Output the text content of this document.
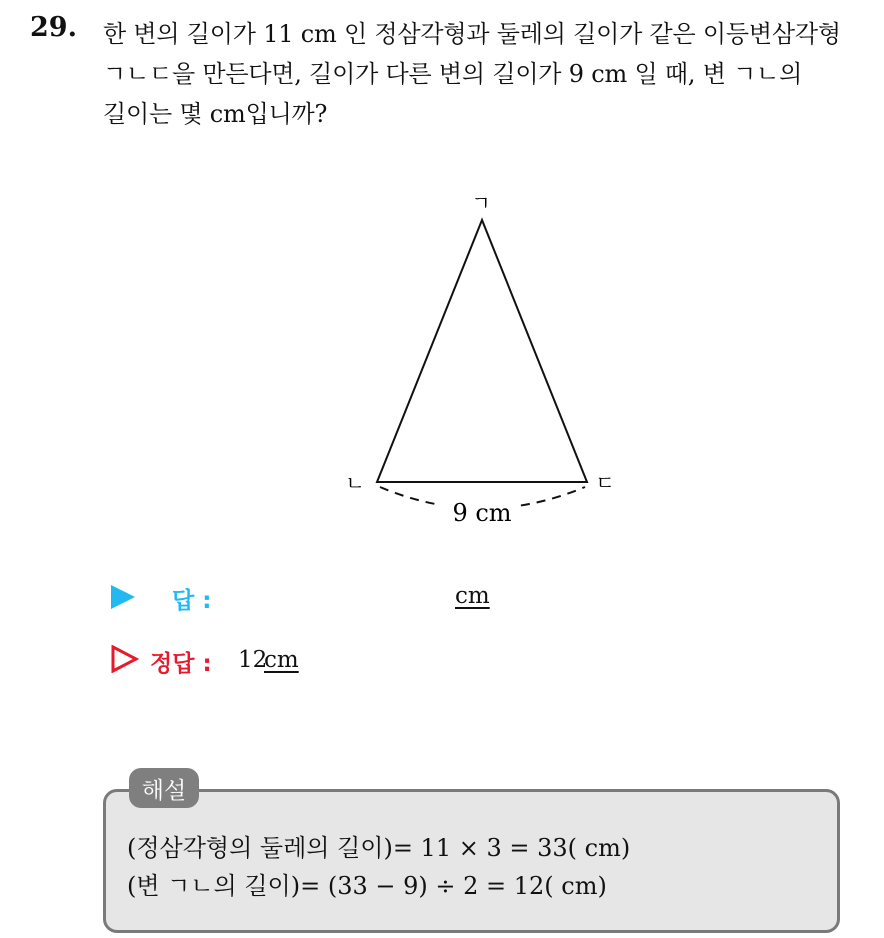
29. 한 변의 길이가 11 cm 인 정삼각형과 둘레의 길이가 같은 이등변삼각형
ㄱㄴㄷ을 만든다면, 길이가 다른 변의 길이가 9 cm 일 때, 변 ㄱㄴ의
길이는 몇 cm입니까?
9 cm
ㄱ
ㄴ	ㄷ
답 :	cm
정답 : 12
cm
해설
(정삼각형의 둘레의 길이)= 11 × 3 = 33( cm)
(변 ㄱㄴ의 길이)= (33 − 9) ÷ 2 = 12( cm)
